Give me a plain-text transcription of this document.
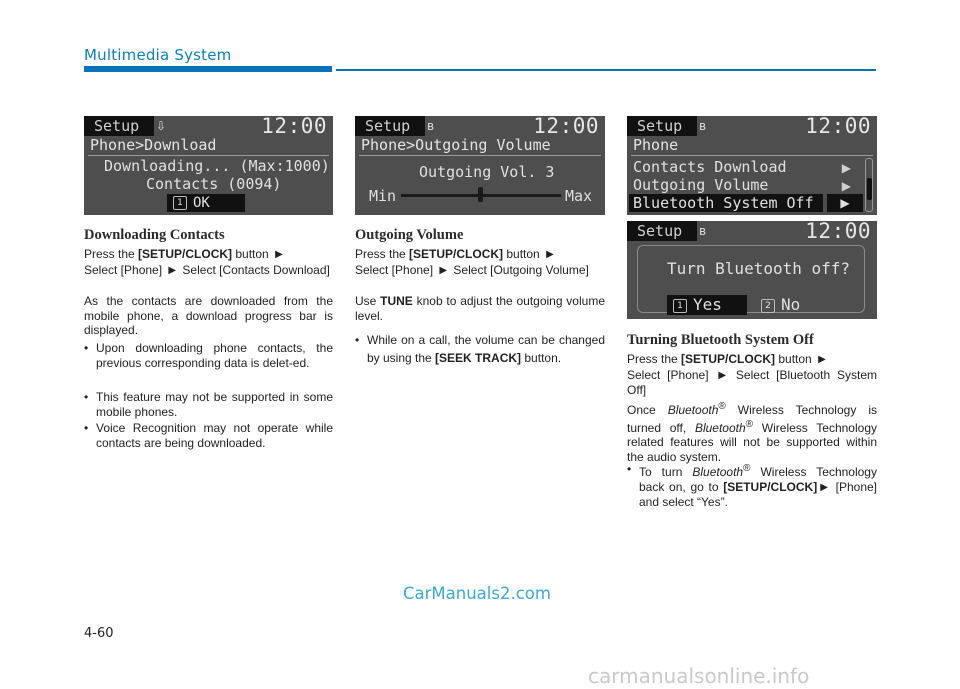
Multimedia System
Setup	⇩	12:00
Phone>Download
Downloading... (Max:1000)
Contacts (0094)
1 OK
Setup	ʙ	12:00
Phone>Outgoing Volume
Outgoing Vol. 3
Min	Max
Setup	ʙ	12:00
Phone
Contacts Download	▶
Outgoing Volume	▶
Bluetooth System Off	▶
Setup	ʙ	12:00
Turn Bluetooth off?
1 Yes	2 No
Downloading Contacts
Press the [SETUP/CLOCK] button ▶
Select [Phone] ▶ Select [Contacts Download]
As the contacts are downloaded from the mobile phone, a download progress bar is displayed.
• Upon downloading phone contacts, the previous corresponding data is delet-ed.
• This feature may not be supported in some mobile phones.
• Voice Recognition may not operate while contacts are being downloaded.
Outgoing Volume
Press the [SETUP/CLOCK] button ▶
Select [Phone] ▶ Select [Outgoing Volume]
Use TUNE knob to adjust the outgoing volume level.
• While on a call, the volume can be changed by using the [SEEK TRACK] button.
Turning Bluetooth System Off
Press the [SETUP/CLOCK] button ▶
Select [Phone] ▶ Select [Bluetooth System Off]
Once Bluetooth® Wireless Technology is turned off, Bluetooth® Wireless Technology related features will not be supported within the audio system.
• To turn Bluetooth® Wireless Technology back on, go to [SETUP/CLOCK] ▶ [Phone] and select “Yes”.
CarManuals2.com
4-60
carmanualsonline.info
